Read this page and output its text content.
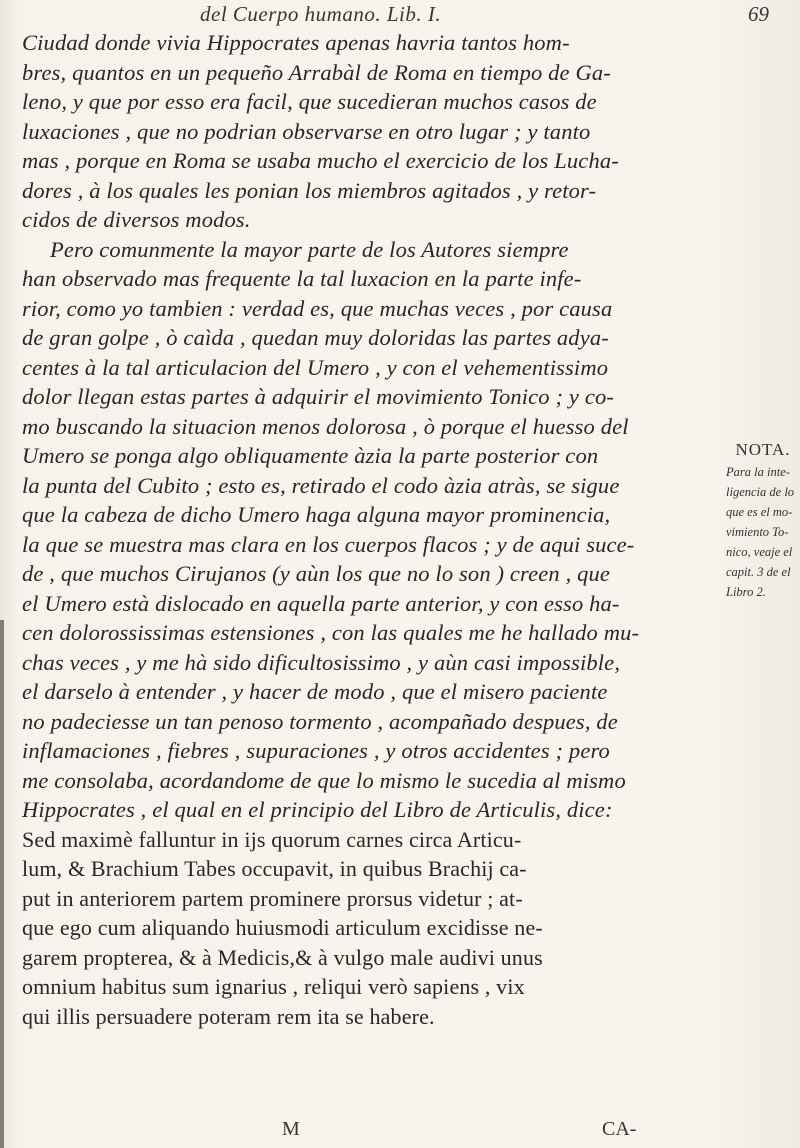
del Cuerpo humano. Lib. I.	69
Ciudad donde vivia Hippocrates apenas havria tantos hom-
bres, quantos en un pequeño Arrabàl de Roma en tiempo de Ga-
leno, y que por esso era facil, que sucedieran muchos casos de
luxaciones , que no podrian observarse en otro lugar ; y tanto
mas , porque en Roma se usaba mucho el exercicio de los Lucha-
dores , à los quales les ponian los miembros agitados , y retor-
cidos de diversos modos.
Pero comunmente la mayor parte de los Autores siempre
han observado mas frequente la tal luxacion en la parte infe-
rior, como yo tambien : verdad es, que muchas veces , por causa
de gran golpe , ò caìda , quedan muy doloridas las partes adya-
centes à la tal articulacion del Umero , y con el vehementissimo
dolor llegan estas partes à adquirir el movimiento Tonico ; y co-
mo buscando la situacion menos dolorosa , ò porque el huesso del
Umero se ponga algo obliquamente àzia la parte posterior con
la punta del Cubito ; esto es, retirado el codo àzia atràs, se sigue
que la cabeza de dicho Umero haga alguna mayor prominencia,
la que se muestra mas clara en los cuerpos flacos ; y de aqui suce-
de , que muchos Cirujanos (y aùn los que no lo son ) creen , que
el Umero està dislocado en aquella parte anterior, y con esso ha-
cen dolorossissimas estensiones , con las quales me he hallado mu-
chas veces , y me hà sido dificultosissimo , y aùn casi impossible,
el darselo à entender , y hacer de modo , que el misero paciente
no padeciesse un tan penoso tormento , acompañado despues, de
inflamaciones , fiebres , supuraciones , y otros accidentes ; pero
me consolaba, acordandome de que lo mismo le sucedia al mismo
Hippocrates , el qual en el principio del Libro de Articulis, dice:
Sed maximè falluntur in ijs quorum carnes circa Articu-
lum, & Brachium Tabes occupavit, in quibus Brachij ca-
put in anteriorem partem prominere prorsus videtur ; at-
que ego cum aliquando huiusmodi articulum excidisse ne-
garem propterea, & à Medicis,& à vulgo male audivi unus
omnium habitus sum ignarius , reliqui verò sapiens , vix
qui illis persuadere poteram rem ita se habere.
NOTA.
Para la inte-
ligencia de lo
que es el mo-
vimiento To-
nico, veaje el
capit. 3 de el
Libro 2.
M	CA-
